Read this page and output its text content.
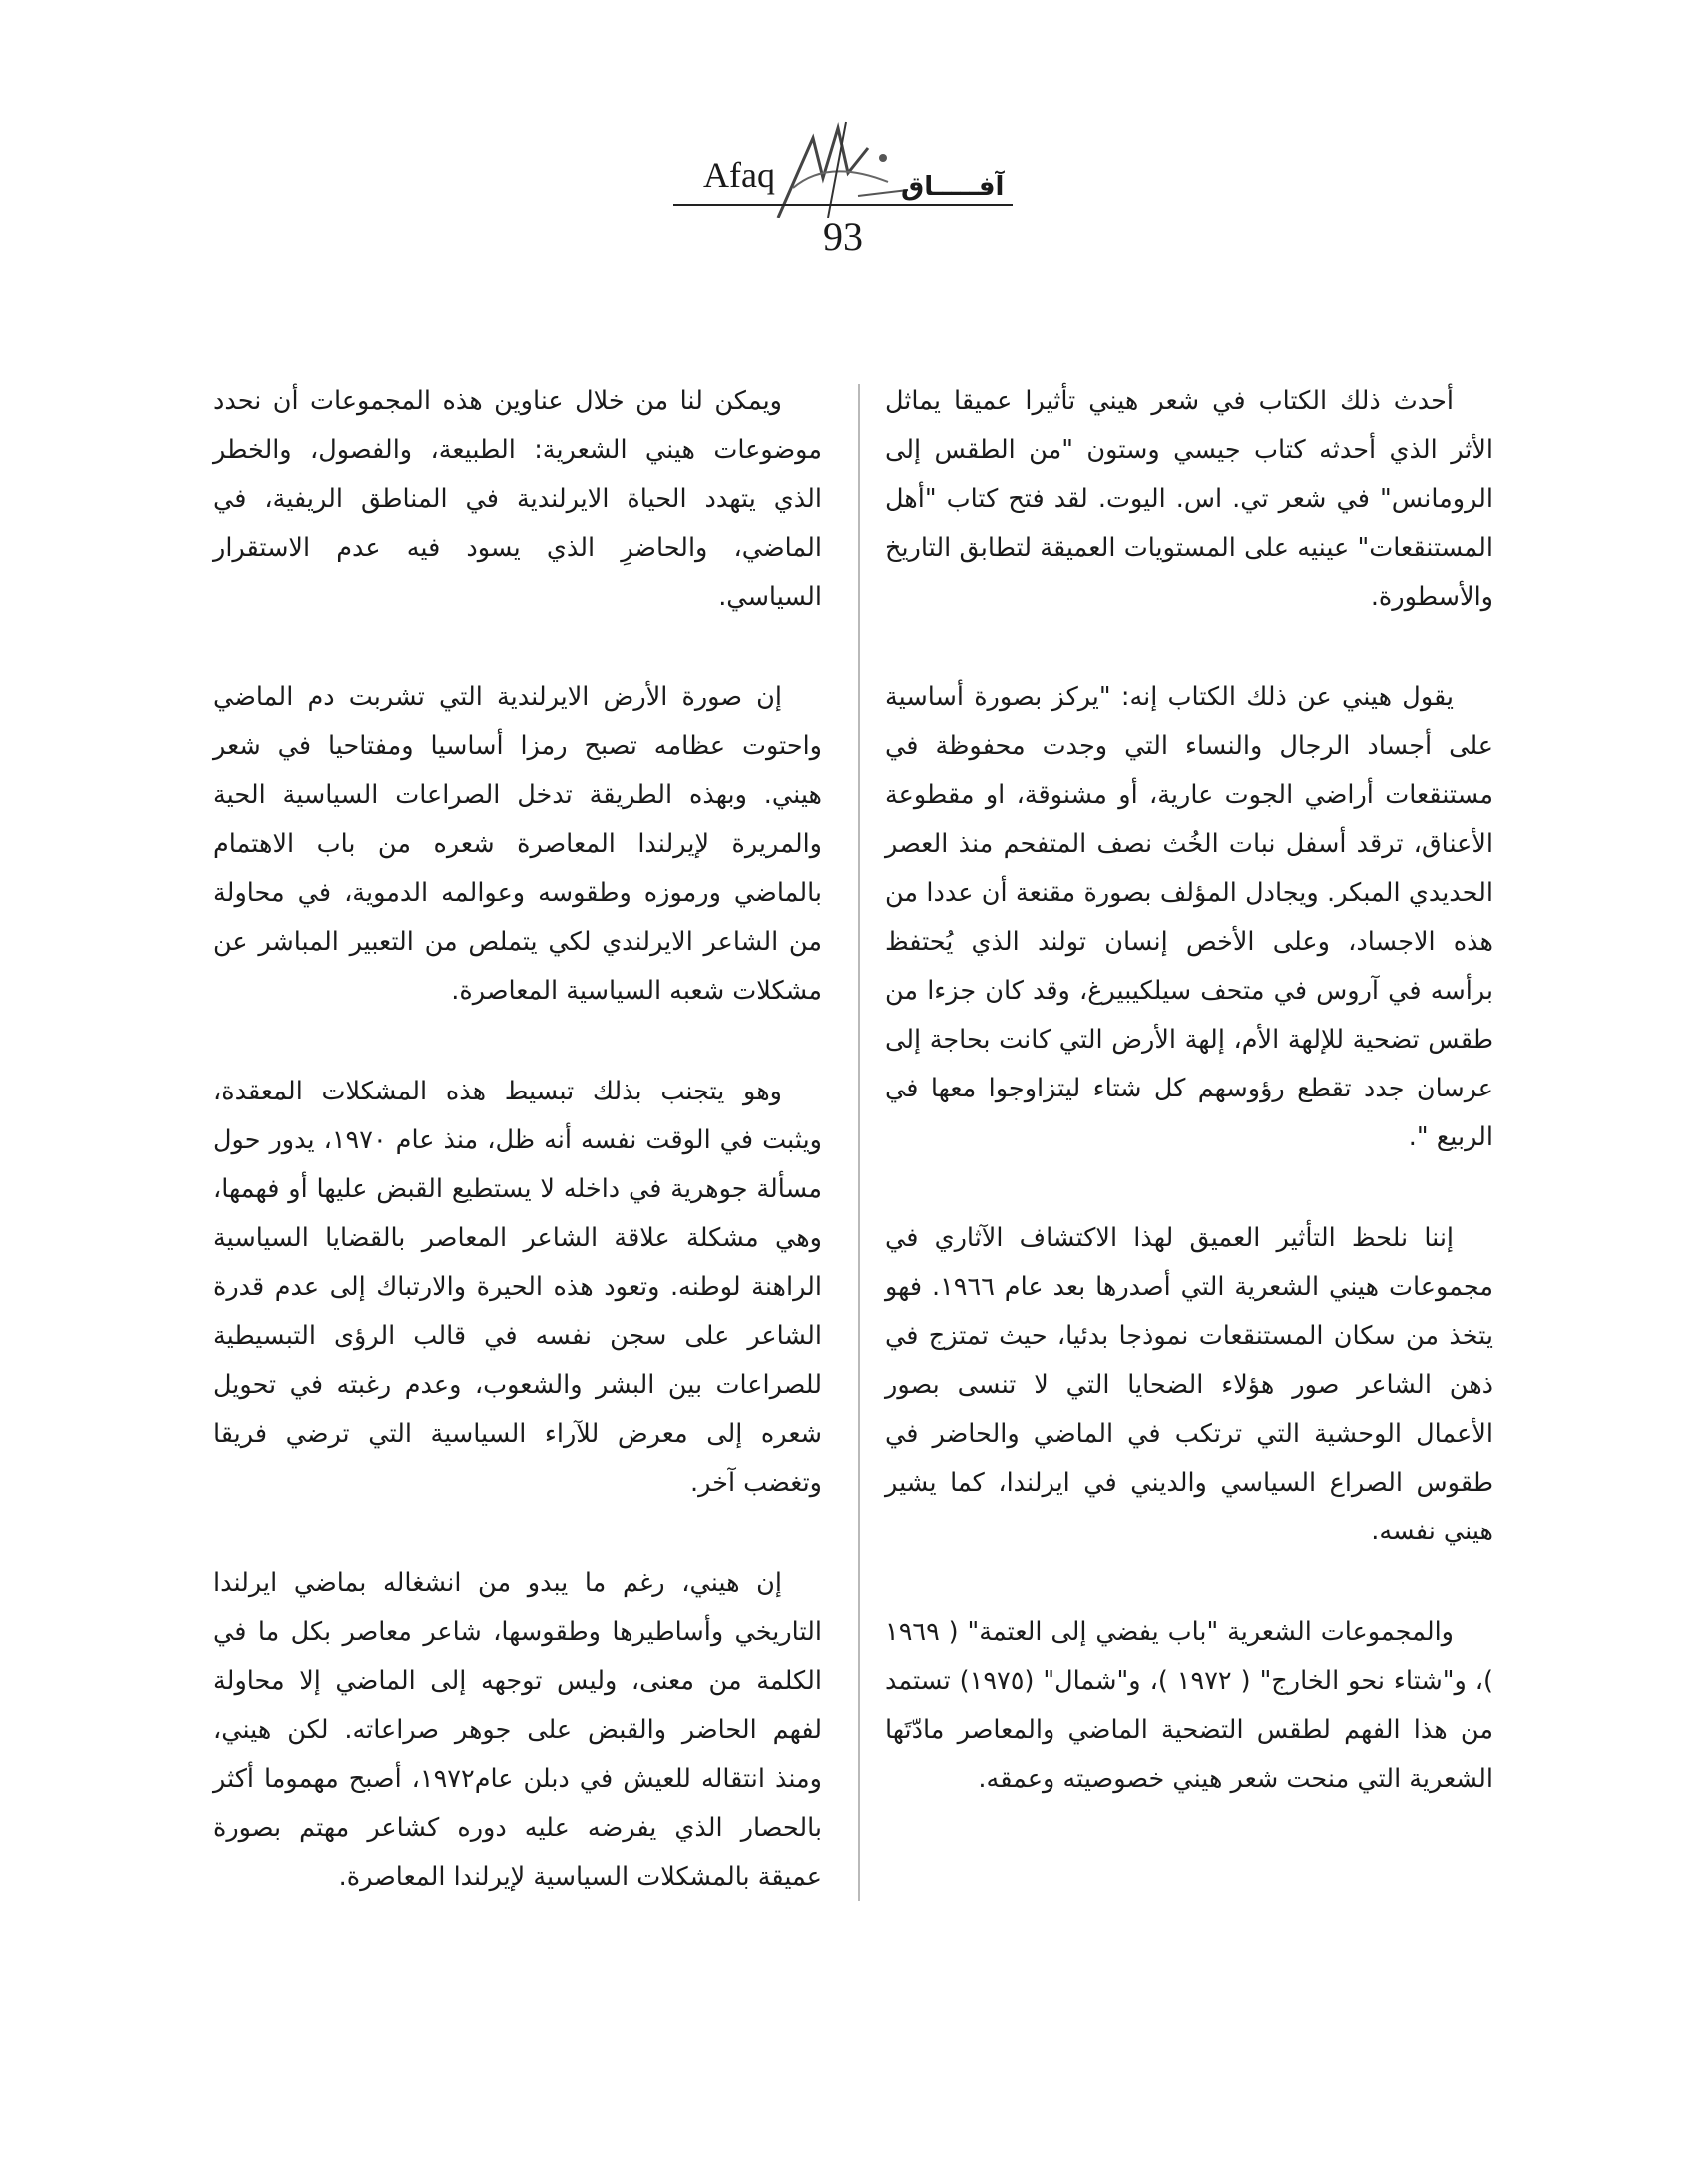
Afaq	آفـــــاق
93

أحدث ذلك الكتاب في شعر هيني تأثيرا عميقا يماثل الأثر الذي أحدثه كتاب جيسي وستون "من الطقس إلى الرومانس" في شعر تي. اس. اليوت. لقد فتح كتاب "أهل المستنقعات" عينيه على المستويات العميقة لتطابق التاريخ والأسطورة.

يقول هيني عن ذلك الكتاب إنه: "يركز بصورة أساسية على أجساد الرجال والنساء التي وجدت محفوظة في مستنقعات أراضي الجوت عارية، أو مشنوقة، او مقطوعة الأعناق، ترقد أسفل نبات الخُث نصف المتفحم منذ العصر الحديدي المبكر. ويجادل المؤلف بصورة مقنعة أن عددا من هذه الاجساد، وعلى الأخص إنسان تولند الذي يُحتفظ برأسه في آروس في متحف سيلكيبيرغ، وقد كان جزءا من طقس تضحية للإلهة الأم، إلهة الأرض التي كانت بحاجة إلى عرسان جدد تقطع رؤوسهم كل شتاء ليتزاوجوا معها في الربيع ".

إننا نلحظ التأثير العميق لهذا الاكتشاف الآثاري في مجموعات هيني الشعرية التي أصدرها بعد عام ١٩٦٦. فهو يتخذ من سكان المستنقعات نموذجا بدئيا، حيث تمتزج في ذهن الشاعر صور هؤلاء الضحايا التي لا تنسى بصور الأعمال الوحشية التي ترتكب في الماضي والحاضر في طقوس الصراع السياسي والديني في ايرلندا، كما يشير هيني نفسه.

والمجموعات الشعرية "باب يفضي إلى العتمة" ( ١٩٦٩ )، و"شتاء نحو الخارج" ( ١٩٧٢ )، و"شمال" (١٩٧٥) تستمد من هذا الفهم لطقس التضحية الماضي والمعاصر مادّتَها الشعرية التي منحت شعر هيني خصوصيته وعمقه.

ويمكن لنا من خلال عناوين هذه المجموعات أن نحدد موضوعات هيني الشعرية: الطبيعة، والفصول، والخطر الذي يتهدد الحياة الايرلندية في المناطق الريفية، في الماضي، والحاضرِ الذي يسود فيه عدم الاستقرار السياسي.

إن صورة الأرض الايرلندية التي تشربت دم الماضي واحتوت عظامه تصبح رمزا أساسيا ومفتاحيا في شعر هيني. وبهذه الطريقة تدخل الصراعات السياسية الحية والمريرة لإيرلندا المعاصرة شعره من باب الاهتمام بالماضي ورموزه وطقوسه وعوالمه الدموية، في محاولة من الشاعر الايرلندي لكي يتملص من التعبير المباشر عن مشكلات شعبه السياسية المعاصرة.

وهو يتجنب بذلك تبسيط هذه المشكلات المعقدة، ويثبت في الوقت نفسه أنه ظل، منذ عام ١٩٧٠، يدور حول مسألة جوهرية في داخله لا يستطيع القبض عليها أو فهمها، وهي مشكلة علاقة الشاعر المعاصر بالقضايا السياسية الراهنة لوطنه. وتعود هذه الحيرة والارتباك إلى عدم قدرة الشاعر على سجن نفسه في قالب الرؤى التبسيطية للصراعات بين البشر والشعوب، وعدم رغبته في تحويل شعره إلى معرض للآراء السياسية التي ترضي فريقا وتغضب آخر.

إن هيني، رغم ما يبدو من انشغاله بماضي ايرلندا التاريخي وأساطيرها وطقوسها، شاعر معاصر بكل ما في الكلمة من معنى، وليس توجهه إلى الماضي إلا محاولة لفهم الحاضر والقبض على جوهر صراعاته. لكن هيني، ومنذ انتقاله للعيش في دبلن عام١٩٧٢، أصبح مهموما أكثر بالحصار الذي يفرضه عليه دوره كشاعر مهتم بصورة عميقة بالمشكلات السياسية لإيرلندا المعاصرة.
